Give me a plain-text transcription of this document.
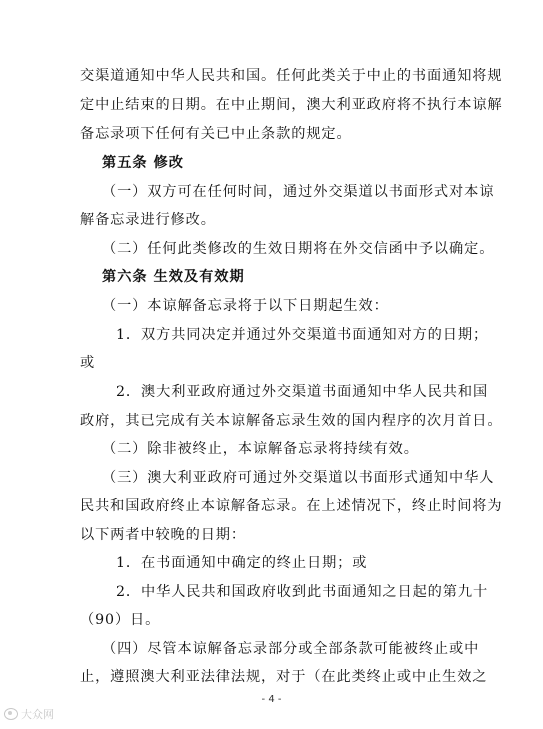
交渠道通知中华人民共和国。任何此类关于中止的书面通知将规
定中止结束的日期。在中止期间，澳大利亚政府将不执行本谅解
备忘录项下任何有关已中止条款的规定。
第五条 修改
（一）双方可在任何时间，通过外交渠道以书面形式对本谅
解备忘录进行修改。
（二）任何此类修改的生效日期将在外交信函中予以确定。
第六条 生效及有效期
（一）本谅解备忘录将于以下日期起生效：
1．双方共同决定并通过外交渠道书面通知对方的日期；
或
2．澳大利亚政府通过外交渠道书面通知中华人民共和国
政府，其已完成有关本谅解备忘录生效的国内程序的次月首日。
（二）除非被终止，本谅解备忘录将持续有效。
（三）澳大利亚政府可通过外交渠道以书面形式通知中华人
民共和国政府终止本谅解备忘录。在上述情况下，终止时间将为
以下两者中较晚的日期：
1．在书面通知中确定的终止日期；或
2．中华人民共和国政府收到此书面通知之日起的第九十
（90）日。
（四）尽管本谅解备忘录部分或全部条款可能被终止或中
止，遵照澳大利亚法律法规，对于（在此类终止或中止生效之
- 4 -
大众网
